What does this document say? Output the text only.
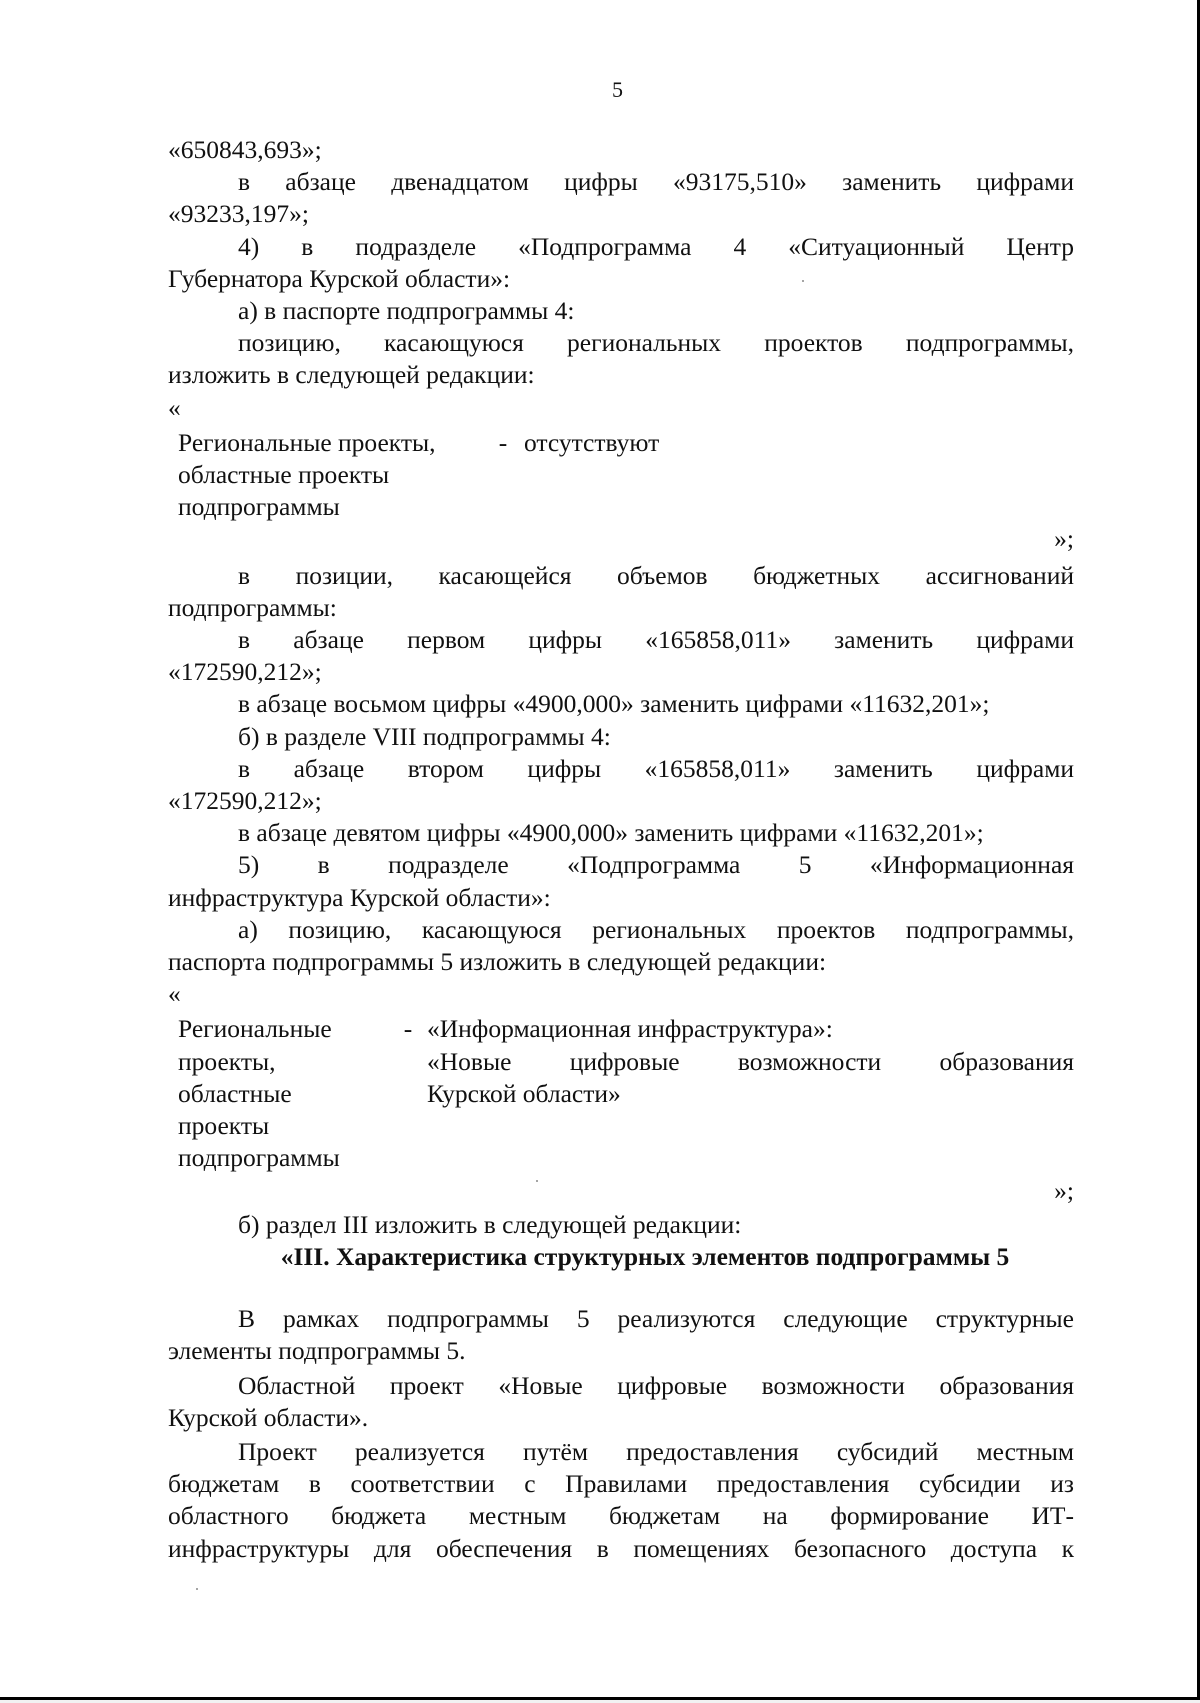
5
«650843,693»;
в абзаце двенадцатом цифры «93175,510» заменить цифрами
«93233,197»;
4) в подразделе «Подпрограмма 4 «Ситуационный Центр
Губернатора Курской области»:
а) в паспорте подпрограммы 4:
позицию, касающуюся региональных проектов подпрограммы,
изложить в следующей редакции:
«
Региональные проекты,
областные проекты
подпрограммы
- отсутствуют
»;
в позиции, касающейся объемов бюджетных ассигнований
подпрограммы:
в абзаце первом цифры «165858,011» заменить цифрами
«172590,212»;
в абзаце восьмом цифры «4900,000» заменить цифрами «11632,201»;
б) в разделе VIII подпрограммы 4:
в абзаце втором цифры «165858,011» заменить цифрами
«172590,212»;
в абзаце девятом цифры «4900,000» заменить цифрами «11632,201»;
5) в подразделе «Подпрограмма 5 «Информационная
инфраструктура Курской области»:
а) позицию, касающуюся региональных проектов подпрограммы,
паспорта подпрограммы 5 изложить в следующей редакции:
«
Региональные
проекты,
областные
проекты
подпрограммы
- «Информационная инфраструктура»:
«Новые цифровые возможности образования
Курской области»
»;
б) раздел III изложить в следующей редакции:
«III. Характеристика структурных элементов подпрограммы 5
В рамках подпрограммы 5 реализуются следующие структурные
элементы подпрограммы 5.
Областной проект «Новые цифровые возможности образования
Курской области».
Проект реализуется путём предоставления субсидий местным
бюджетам в соответствии с Правилами предоставления субсидии из
областного бюджета местным бюджетам на формирование ИТ-
инфраструктуры для обеспечения в помещениях безопасного доступа к
